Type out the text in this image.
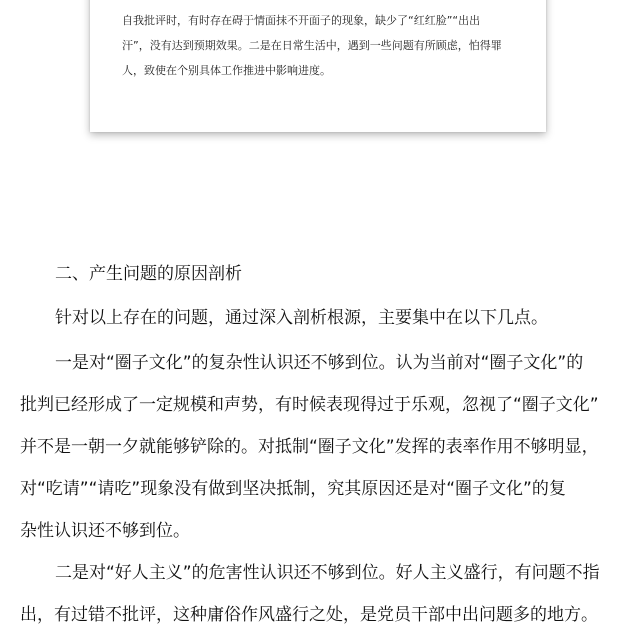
自我批评时，有时存在碍于情面抹不开面子的现象，缺少了“红红脸”“出出
汗”，没有达到预期效果。二是在日常生活中，遇到一些问题有所顾虑，怕得罪
人，致使在个别具体工作推进中影响进度。
二、产生问题的原因剖析
针对以上存在的问题，通过深入剖析根源，主要集中在以下几点。
一是对“圈子文化”的复杂性认识还不够到位。认为当前对“圈子文化”的
批判已经形成了一定规模和声势，有时候表现得过于乐观，忽视了“圈子文化”
并不是一朝一夕就能够铲除的。对抵制“圈子文化”发挥的表率作用不够明显，
对“吃请”“请吃”现象没有做到坚决抵制，究其原因还是对“圈子文化”的复
杂性认识还不够到位。
二是对“好人主义”的危害性认识还不够到位。好人主义盛行，有问题不指
出，有过错不批评，这种庸俗作风盛行之处，是党员干部中出问题多的地方。
